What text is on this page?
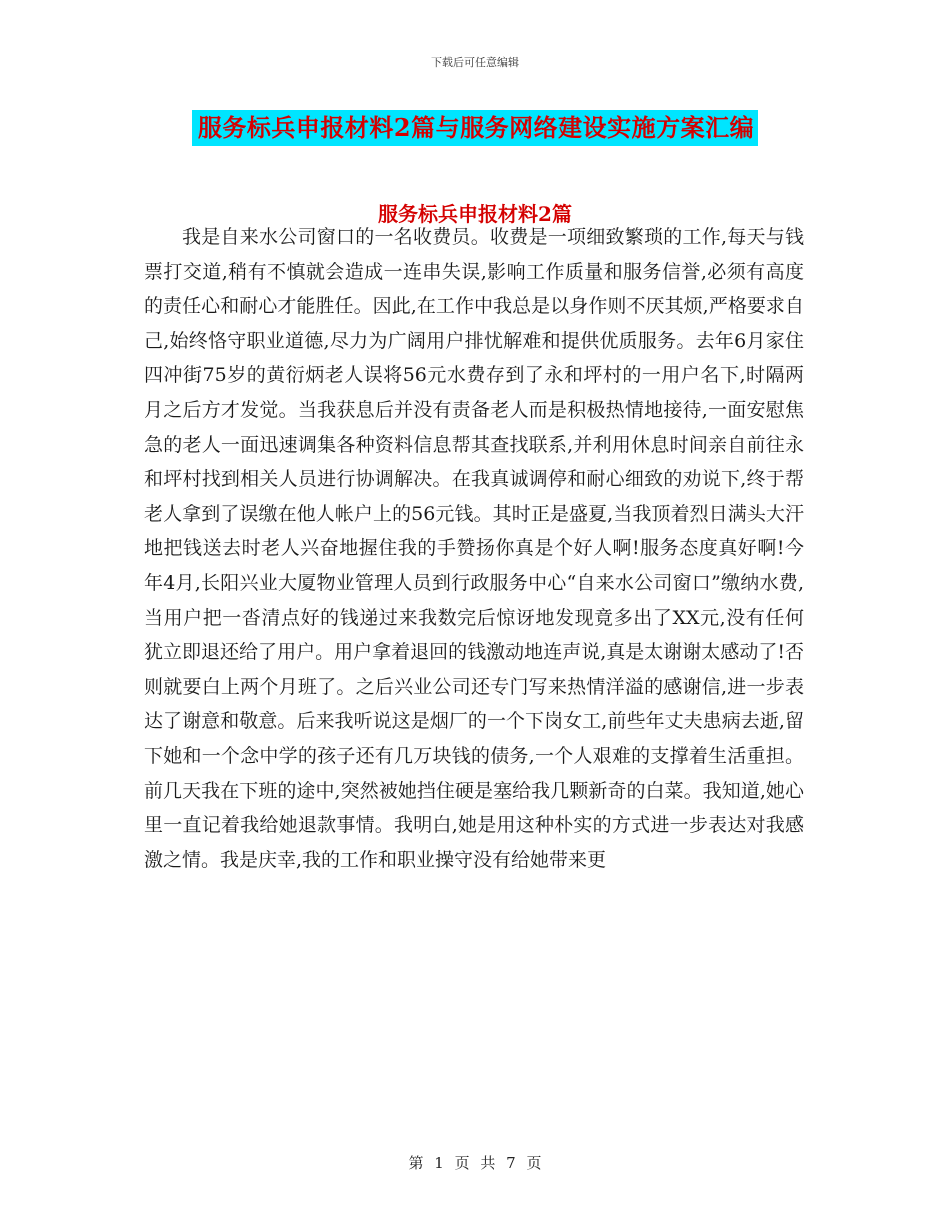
下载后可任意编辑
服务标兵申报材料2篇与服务网络建设实施方案汇编
服务标兵申报材料2篇

我是自来水公司窗口的一名收费员。收费是一项细致繁琐的工作,每天与钱票打交道,稍有不慎就会造成一连串失误,影响工作质量和服务信誉,必须有高度的责任心和耐心才能胜任。因此,在工作中我总是以身作则不厌其烦,严格要求自己,始终恪守职业道德,尽力为广阔用户排忧解难和提供优质服务。去年6月家住四冲街75岁的黄衍炳老人误将56元水费存到了永和坪村的一用户名下,时隔两月之后方才发觉。当我获息后并没有责备老人而是积极热情地接待,一面安慰焦急的老人一面迅速调集各种资料信息帮其查找联系,并利用休息时间亲自前往永和坪村找到相关人员进行协调解决。在我真诚调停和耐心细致的劝说下,终于帮老人拿到了误缴在他人帐户上的56元钱。其时正是盛夏,当我顶着烈日满头大汗地把钱送去时老人兴奋地握住我的手赞扬你真是个好人啊!服务态度真好啊!今年4月,长阳兴业大厦物业管理人员到行政服务中心“自来水公司窗口”缴纳水费,当用户把一沓清点好的钱递过来我数完后惊讶地发现竟多出了XX元,没有任何犹立即退还给了用户。用户拿着退回的钱激动地连声说,真是太谢谢太感动了!否则就要白上两个月班了。之后兴业公司还专门写来热情洋溢的感谢信,进一步表达了谢意和敬意。后来我听说这是烟厂的一个下岗女工,前些年丈夫患病去逝,留下她和一个念中学的孩子还有几万块钱的债务,一个人艰难的支撑着生活重担。前几天我在下班的途中,突然被她挡住硬是塞给我几颗新奇的白菜。我知道,她心里一直记着我给她退款事情。我明白,她是用这种朴实的方式进一步表达对我感激之情。我是庆幸,我的工作和职业操守没有给她带来更

第 1 页 共 7 页
